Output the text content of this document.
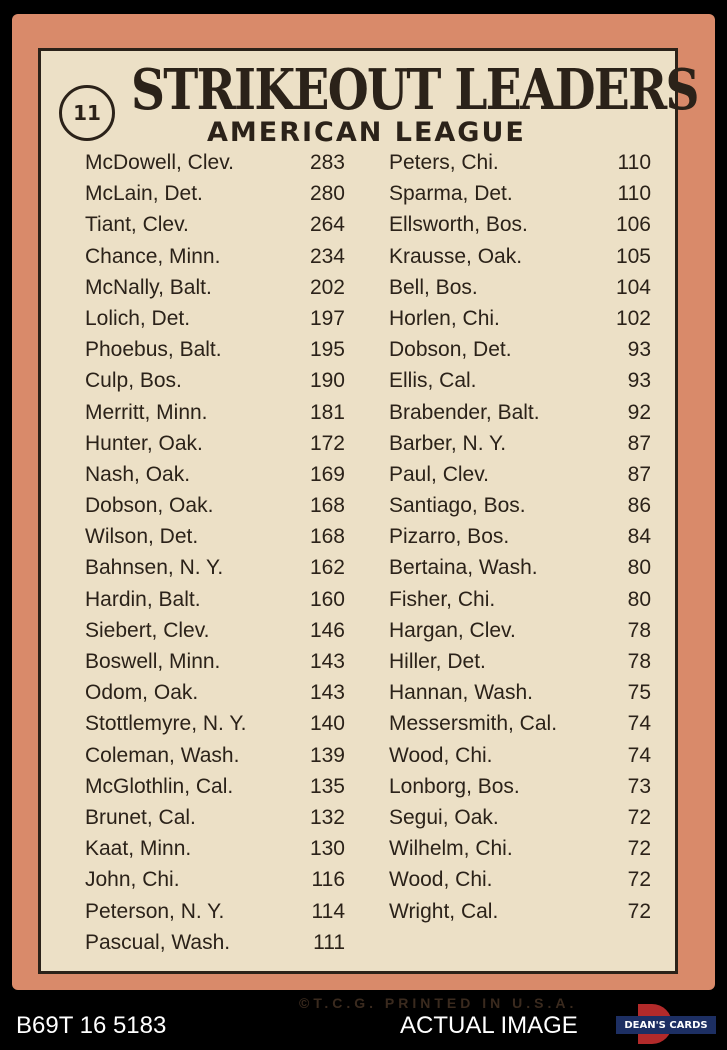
11 STRIKEOUT LEADERS
AMERICAN LEAGUE
McDowell, Clev.	283
McLain, Det.	280
Tiant, Clev.	264
Chance, Minn.	234
McNally, Balt.	202
Lolich, Det.	197
Phoebus, Balt.	195
Culp, Bos.	190
Merritt, Minn.	181
Hunter, Oak.	172
Nash, Oak.	169
Dobson, Oak.	168
Wilson, Det.	168
Bahnsen, N. Y.	162
Hardin, Balt.	160
Siebert, Clev.	146
Boswell, Minn.	143
Odom, Oak.	143
Stottlemyre, N. Y.	140
Coleman, Wash.	139
McGlothlin, Cal.	135
Brunet, Cal.	132
Kaat, Minn.	130
John, Chi.	116
Peterson, N. Y.	114
Pascual, Wash.	111
Peters, Chi.	110
Sparma, Det.	110
Ellsworth, Bos.	106
Krausse, Oak.	105
Bell, Bos.	104
Horlen, Chi.	102
Dobson, Det.	93
Ellis, Cal.	93
Brabender, Balt.	92
Barber, N. Y.	87
Paul, Clev.	87
Santiago, Bos.	86
Pizarro, Bos.	84
Bertaina, Wash.	80
Fisher, Chi.	80
Hargan, Clev.	78
Hiller, Det.	78
Hannan, Wash.	75
Messersmith, Cal.	74
Wood, Chi.	74
Lonborg, Bos.	73
Segui, Oak.	72
Wilhelm, Chi.	72
Wood, Chi.	72
Wright, Cal.	72
©T.C.G. PRINTED IN U.S.A.
B69T 16 5183	ACTUAL IMAGE	DEAN'S CARDS
